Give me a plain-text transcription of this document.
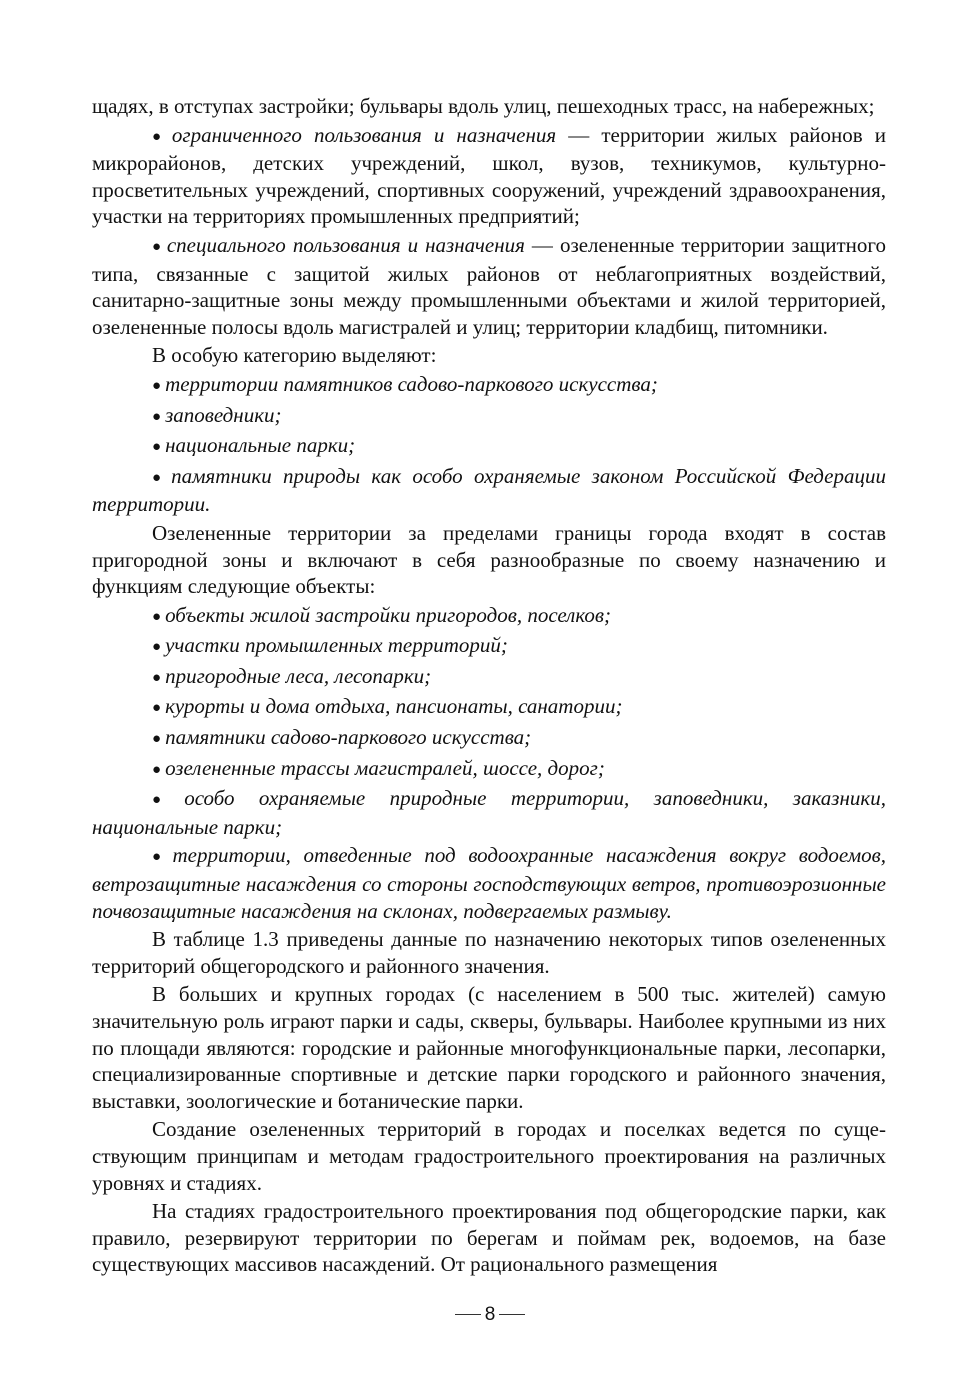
щадях, в отступах застройки; бульвары вдоль улиц, пешеходных трасс, на набережных;

● ограниченного пользования и назначения — территории жилых районов и микрорайонов, детских учреждений, школ, вузов, техникумов, культурно-просветительных учреждений, спортивных сооружений, учреждений здравоохранения, участки на территориях промышленных предприятий;

● специального пользования и назначения — озелененные территории защитного типа, связанные с защитой жилых районов от неблагоприятных воздействий, санитарно-защитные зоны между промышленными объектами и жилой территорией, озелененные полосы вдоль магистралей и улиц; территории кладбищ, питомники.

В особую категорию выделяют:

● территории памятников садово-паркового искусства;

● заповедники;

● национальные парки;

● памятники природы как особо охраняемые законом Российской Федерации территории.

Озелененные территории за пределами границы города входят в состав пригородной зоны и включают в себя разнообразные по своему назначению и функциям следующие объекты:

● объекты жилой застройки пригородов, поселков;

● участки промышленных территорий;

● пригородные леса, лесопарки;

● курорты и дома отдыха, пансионаты, санатории;

● памятники садово-паркового искусства;

● озелененные трассы магистралей, шоссе, дорог;

● особо охраняемые природные территории, заповедники, заказники, национальные парки;

● территории, отведенные под водоохранные насаждения вокруг водоемов, ветрозащитные насаждения со стороны господствующих ветров, противоэрозионные почвозащитные насаждения на склонах, подвергаемых размыву.

В таблице 1.3 приведены данные по назначению некоторых типов озелененных территорий общегородского и районного значения.

В больших и крупных городах (с населением в 500 тыс. жителей) самую значительную роль играют парки и сады, скверы, бульвары. Наиболее крупными из них по площади являются: городские и районные многофункциональные парки, лесопарки, специализированные спортивные и детские парки городского и районного значения, выставки, зоологические и ботанические парки.

Создание озелененных территорий в городах и поселках ведется по существующим принципам и методам градостроительного проектирования на различных уровнях и стадиях.

На стадиях градостроительного проектирования под общегородские парки, как правило, резервируют территории по берегам и поймам рек, водоемов, на базе существующих массивов насаждений. От рационального размещения

8
